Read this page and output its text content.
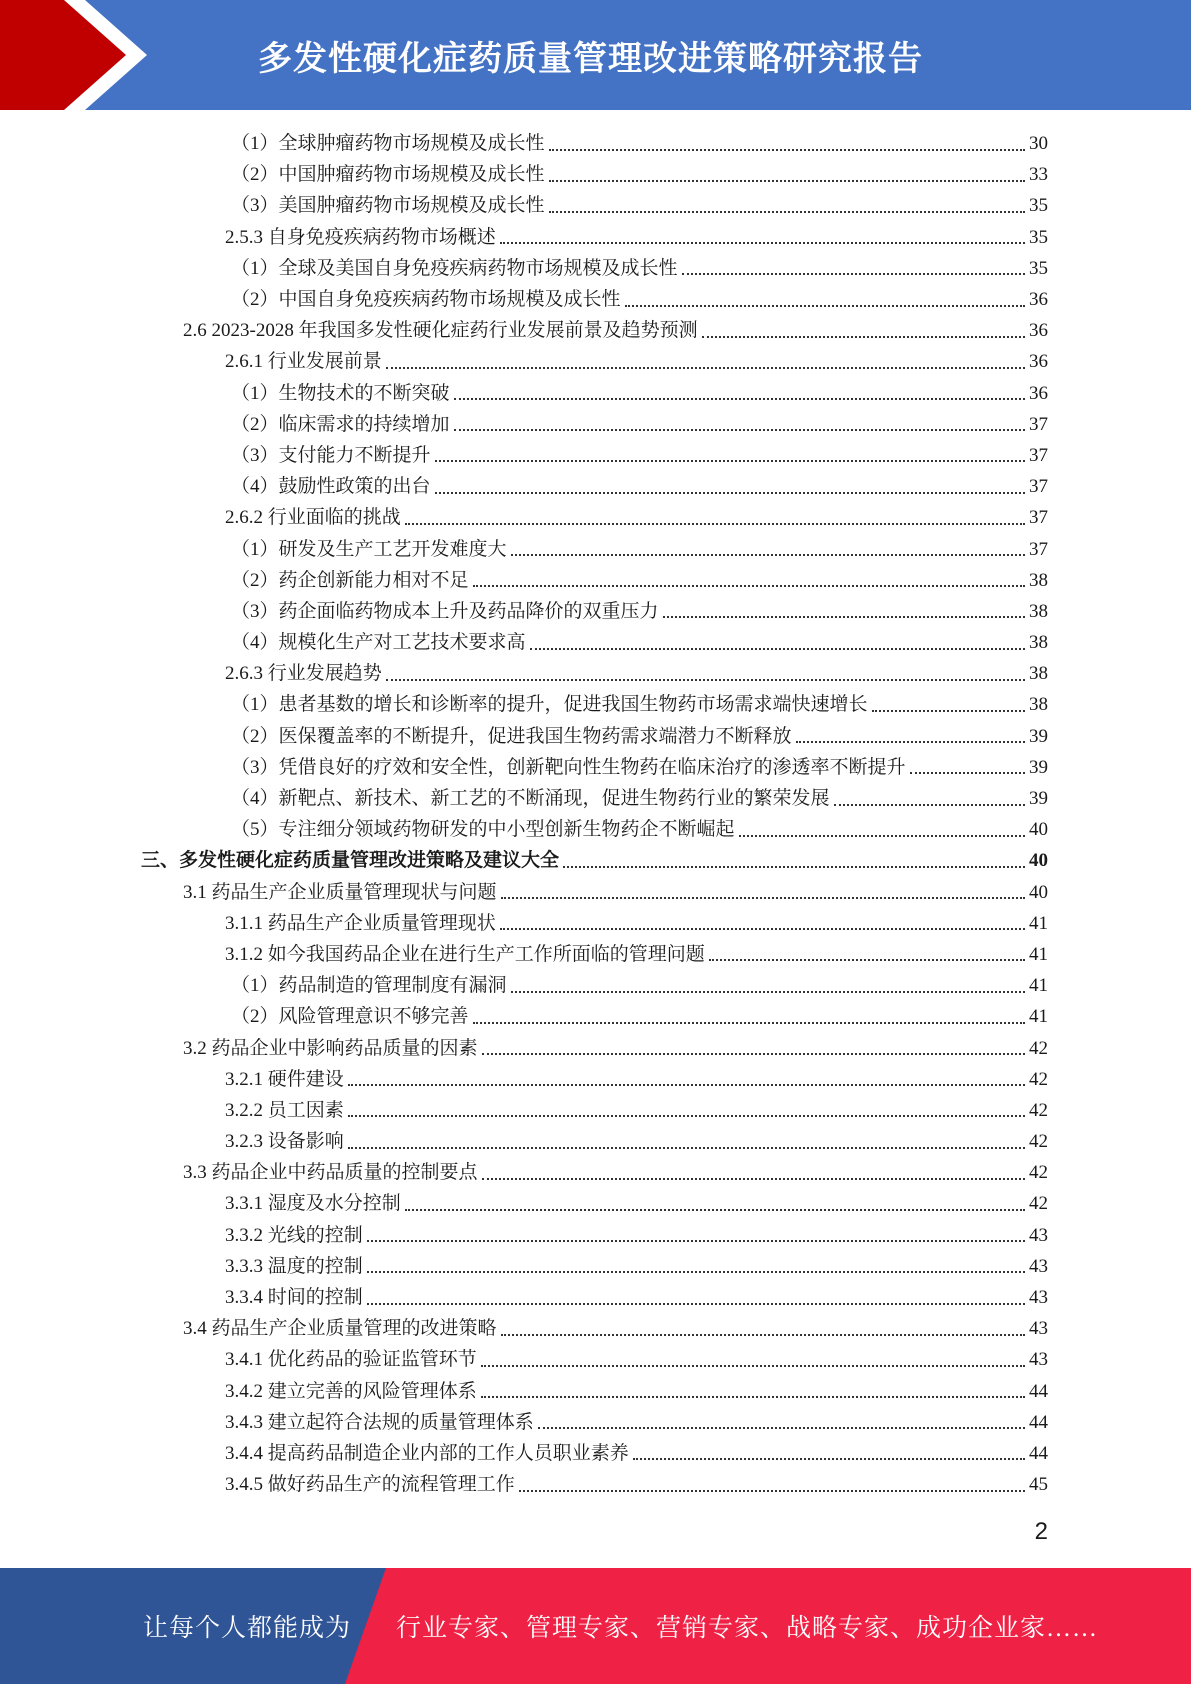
多发性硬化症药质量管理改进策略研究报告
（1）全球肿瘤药物市场规模及成长性	30
（2）中国肿瘤药物市场规模及成长性	33
（3）美国肿瘤药物市场规模及成长性	35
2.5.3 自身免疫疾病药物市场概述	35
（1）全球及美国自身免疫疾病药物市场规模及成长性	35
（2）中国自身免疫疾病药物市场规模及成长性	36
2.6 2023-2028 年我国多发性硬化症药行业发展前景及趋势预测	36
2.6.1 行业发展前景	36
（1）生物技术的不断突破	36
（2）临床需求的持续增加	37
（3）支付能力不断提升	37
（4）鼓励性政策的出台	37
2.6.2 行业面临的挑战	37
（1）研发及生产工艺开发难度大	37
（2）药企创新能力相对不足	38
（3）药企面临药物成本上升及药品降价的双重压力	38
（4）规模化生产对工艺技术要求高	38
2.6.3 行业发展趋势	38
（1）患者基数的增长和诊断率的提升，促进我国生物药市场需求端快速增长	38
（2）医保覆盖率的不断提升，促进我国生物药需求端潜力不断释放	39
（3）凭借良好的疗效和安全性，创新靶向性生物药在临床治疗的渗透率不断提升	39
（4）新靶点、新技术、新工艺的不断涌现，促进生物药行业的繁荣发展	39
（5）专注细分领域药物研发的中小型创新生物药企不断崛起	40
三、多发性硬化症药质量管理改进策略及建议大全	40
3.1 药品生产企业质量管理现状与问题	40
3.1.1 药品生产企业质量管理现状	41
3.1.2 如今我国药品企业在进行生产工作所面临的管理问题	41
（1）药品制造的管理制度有漏洞	41
（2）风险管理意识不够完善	41
3.2 药品企业中影响药品质量的因素	42
3.2.1 硬件建设	42
3.2.2 员工因素	42
3.2.3 设备影响	42
3.3 药品企业中药品质量的控制要点	42
3.3.1 湿度及水分控制	42
3.3.2 光线的控制	43
3.3.3 温度的控制	43
3.3.4 时间的控制	43
3.4 药品生产企业质量管理的改进策略	43
3.4.1 优化药品的验证监管环节	43
3.4.2 建立完善的风险管理体系	44
3.4.3 建立起符合法规的质量管理体系	44
3.4.4 提高药品制造企业内部的工作人员职业素养	44
3.4.5 做好药品生产的流程管理工作	45
2
让每个人都能成为 行业专家、管理专家、营销专家、战略专家、成功企业家……
